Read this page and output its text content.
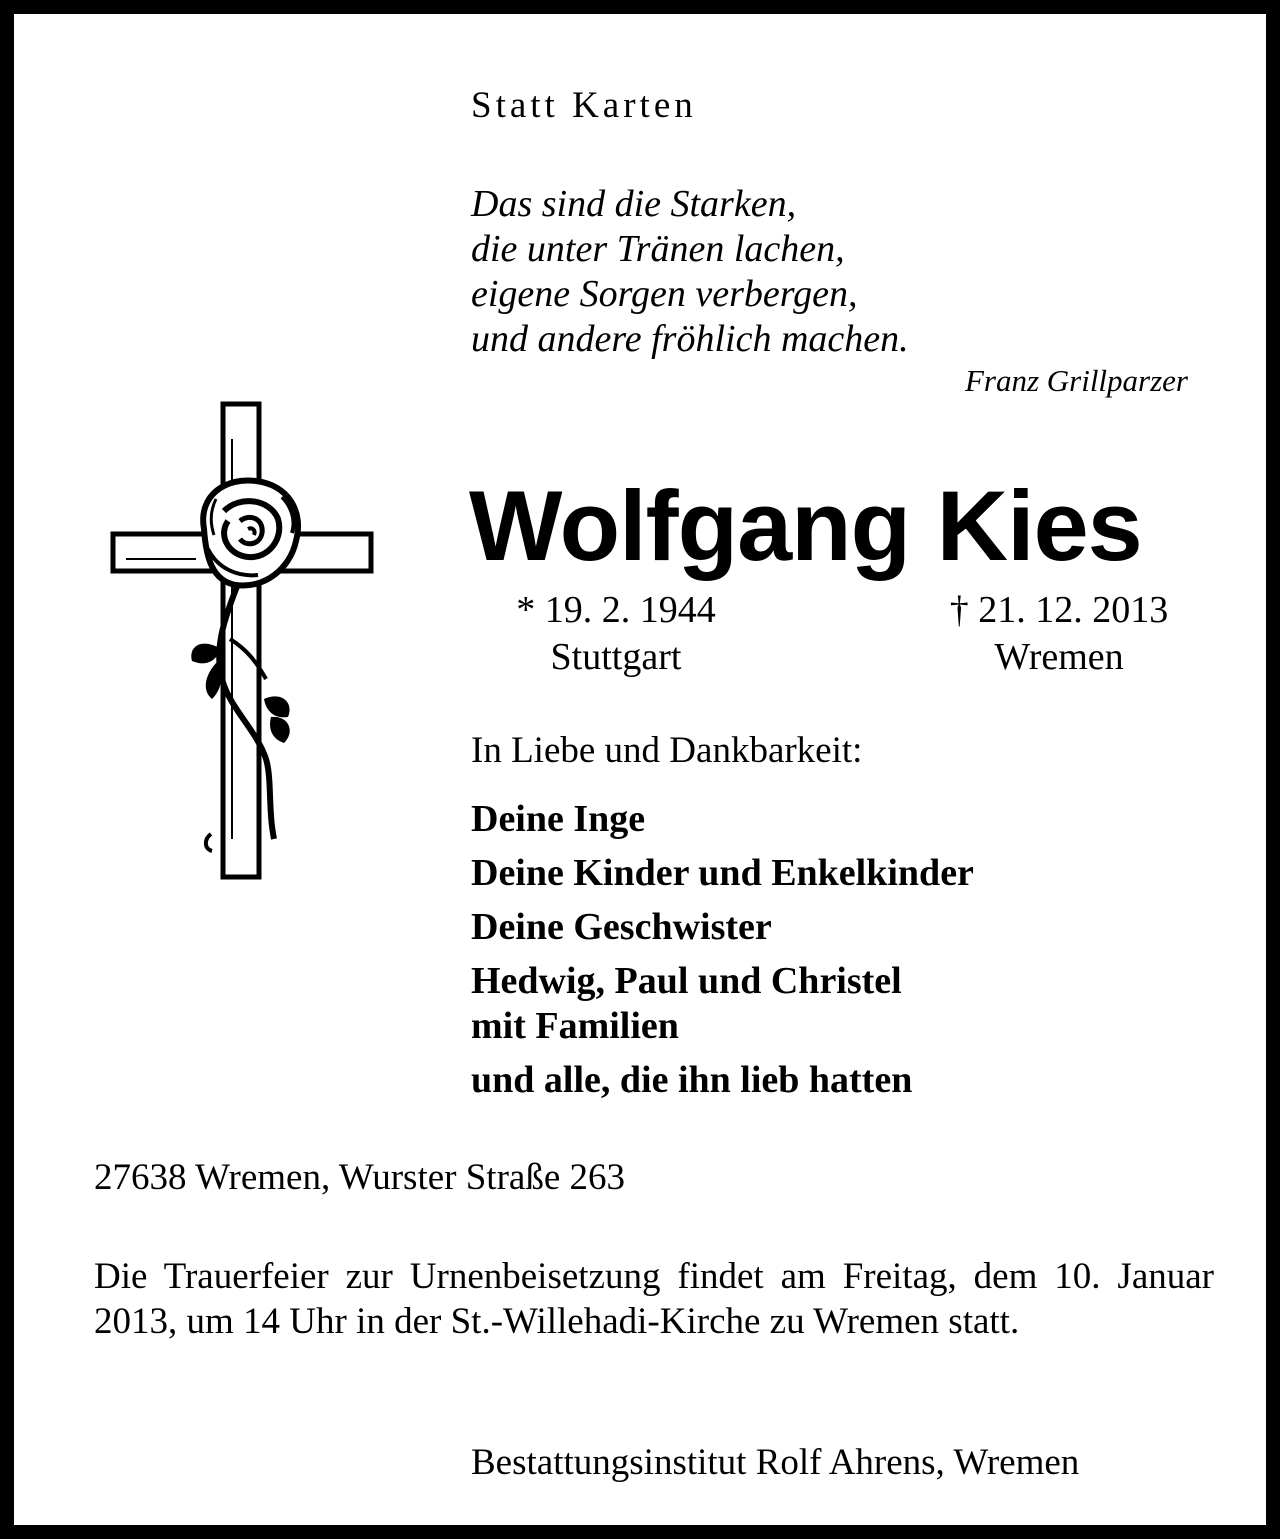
Statt Karten

Das sind die Starken,
die unter Tränen lachen,
eigene Sorgen verbergen,
und andere fröhlich machen.

Franz Grillparzer

Wolfgang Kies
* 19. 2. 1944
Stuttgart
† 21. 12. 2013
Wremen

In Liebe und Dankbarkeit:

Deine Inge
Deine Kinder und Enkelkinder
Deine Geschwister
Hedwig, Paul und Christel
mit Familien
und alle, die ihn lieb hatten

27638 Wremen, Wurster Straße 263

Die Trauerfeier zur Urnenbeisetzung findet am Freitag, dem 10. Januar 2013, um 14 Uhr in der St.-Willehadi-Kirche zu Wremen statt.

Bestattungsinstitut Rolf Ahrens, Wremen
